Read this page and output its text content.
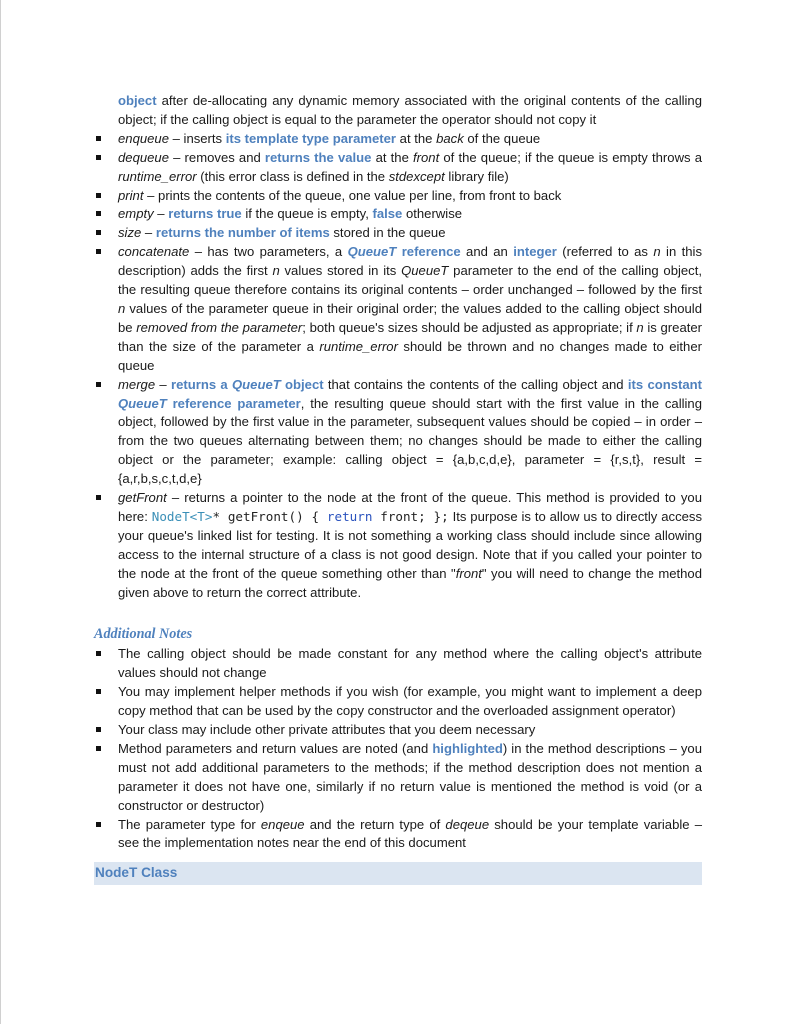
object after de-allocating any dynamic memory associated with the original contents of the calling object; if the calling object is equal to the parameter the operator should not copy it

enqueue – inserts its template type parameter at the back of the queue
dequeue – removes and returns the value at the front of the queue; if the queue is empty throws a runtime_error (this error class is defined in the stdexcept library file)
print – prints the contents of the queue, one value per line, from front to back
empty – returns true if the queue is empty, false otherwise
size – returns the number of items stored in the queue
concatenate – has two parameters, a QueueT reference and an integer (referred to as n in this description) adds the first n values stored in its QueueT parameter to the end of the calling object, the resulting queue therefore contains its original contents – order unchanged – followed by the first n values of the parameter queue in their original order; the values added to the calling object should be removed from the parameter; both queue's sizes should be adjusted as appropriate; if n is greater than the size of the parameter a runtime_error should be thrown and no changes made to either queue
merge – returns a QueueT object that contains the contents of the calling object and its constant QueueT reference parameter, the resulting queue should start with the first value in the calling object, followed by the first value in the parameter, subsequent values should be copied – in order – from the two queues alternating between them; no changes should be made to either the calling object or the parameter; example: calling object = {a,b,c,d,e}, parameter = {r,s,t}, result = {a,r,b,s,c,t,d,e}
getFront – returns a pointer to the node at the front of the queue. This method is provided to you here: NodeT<T>* getFront() { return front; }; Its purpose is to allow us to directly access your queue's linked list for testing. It is not something a working class should include since allowing access to the internal structure of a class is not good design. Note that if you called your pointer to the node at the front of the queue something other than "front" you will need to change the method given above to return the correct attribute.
Additional Notes
The calling object should be made constant for any method where the calling object's attribute values should not change
You may implement helper methods if you wish (for example, you might want to implement a deep copy method that can be used by the copy constructor and the overloaded assignment operator)
Your class may include other private attributes that you deem necessary
Method parameters and return values are noted (and highlighted) in the method descriptions – you must not add additional parameters to the methods; if the method description does not mention a parameter it does not have one, similarly if no return value is mentioned the method is void (or a constructor or destructor)
The parameter type for enqeue and the return type of deqeue should be your template variable – see the implementation notes near the end of this document
NodeT Class
